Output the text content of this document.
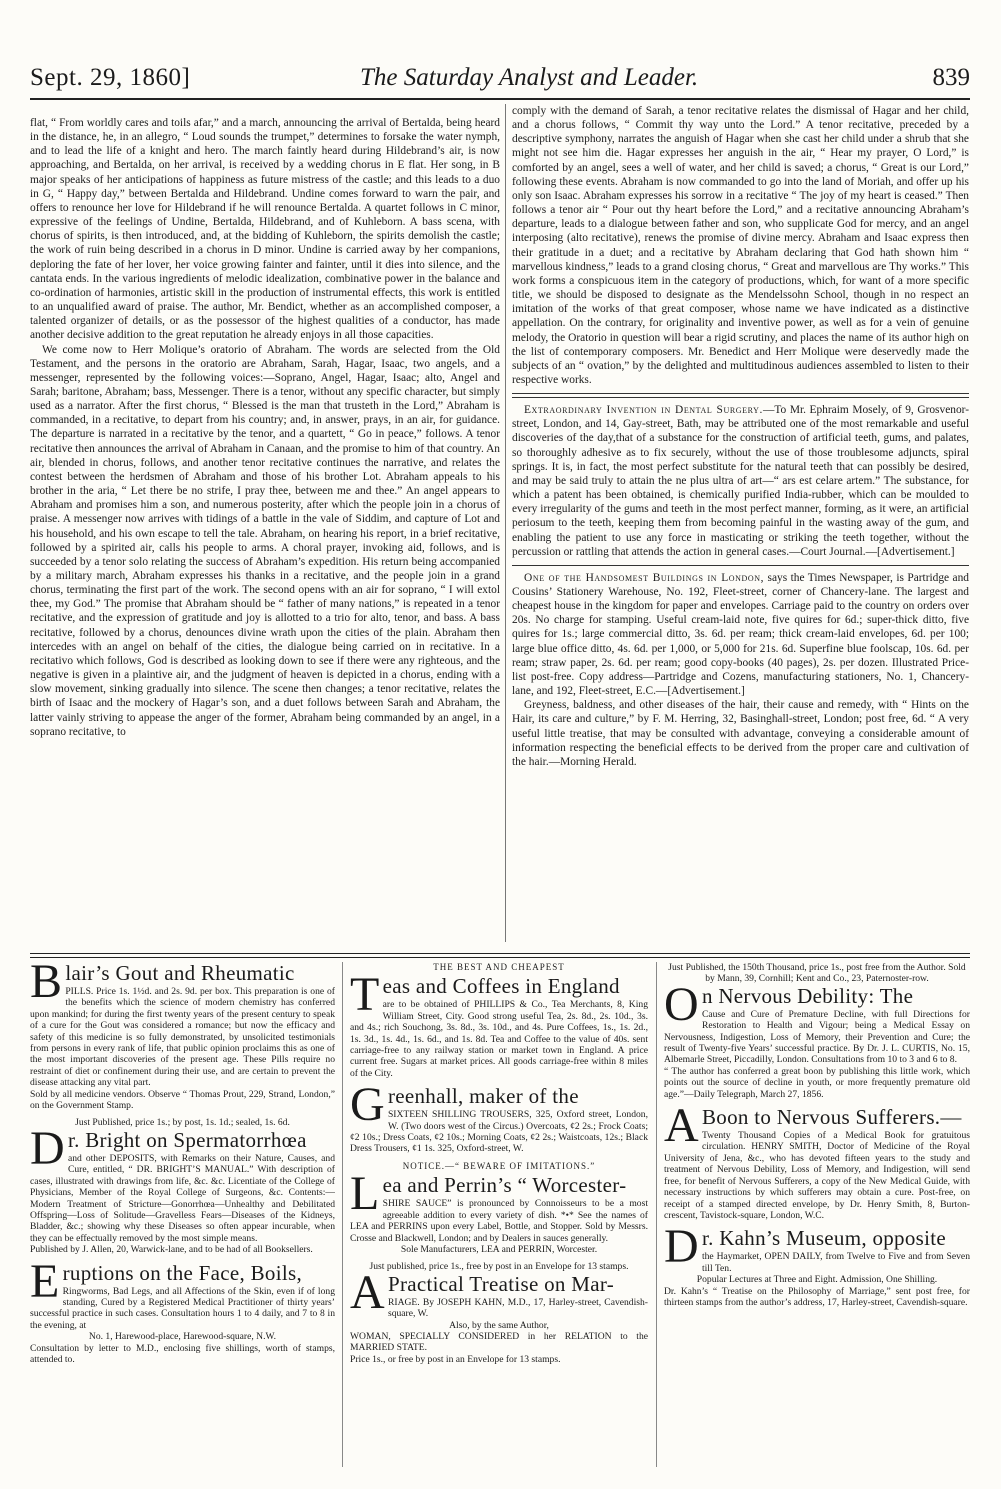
Sept. 29, 1860]	The Saturday Analyst and Leader.	839

flat, “ From worldly cares and toils afar,” and a march, announcing the arrival of Bertalda, being heard in the distance, he, in an allegro, “ Loud sounds the trumpet,” determines to forsake the water nymph, and to lead the life of a knight and hero. The march faintly heard during Hildebrand’s air, is now approaching, and Bertalda, on her arrival, is received by a wedding chorus in E flat. Her song, in B major speaks of her anticipations of happiness as future mistress of the castle; and this leads to a duo in G, “ Happy day,” between Bertalda and Hildebrand. Undine comes forward to warn the pair, and offers to renounce her love for Hildebrand if he will renounce Bertalda. A quartet follows in C minor, expressive of the feelings of Undine, Bertalda, Hildebrand, and of Kuhleborn. A bass scena, with chorus of spirits, is then introduced, and, at the bidding of Kuhleborn, the spirits demolish the castle; the work of ruin being described in a chorus in D minor. Undine is carried away by her companions, deploring the fate of her lover, her voice growing fainter and fainter, until it dies into silence, and the cantata ends. In the various ingredients of melodic idealization, combinative power in the balance and co-ordination of harmonies, artistic skill in the production of instrumental effects, this work is entitled to an unqualified award of praise. The author, Mr. Bendict, whether as an accomplished composer, a talented organizer of details, or as the possessor of the highest qualities of a conductor, has made another decisive addition to the great reputation he already enjoys in all those capacities.

We come now to Herr Molique’s oratorio of Abraham. The words are selected from the Old Testament, and the persons in the oratorio are Abraham, Sarah, Hagar, Isaac, two angels, and a messenger, represented by the following voices:—Soprano, Angel, Hagar, Isaac; alto, Angel and Sarah; baritone, Abraham; bass, Messenger. There is a tenor, without any specific character, but simply used as a narrator. After the first chorus, “ Blessed is the man that trusteth in the Lord,” Abraham is commanded, in a recitative, to depart from his country; and, in answer, prays, in an air, for guidance. The departure is narrated in a recitative by the tenor, and a quartett, “ Go in peace,” follows. A tenor recitative then announces the arrival of Abraham in Canaan, and the promise to him of that country. An air, blended in chorus, follows, and another tenor recitative continues the narrative, and relates the contest between the herdsmen of Abraham and those of his brother Lot. Abraham appeals to his brother in the aria, “ Let there be no strife, I pray thee, between me and thee.” An angel appears to Abraham and promises him a son, and numerous posterity, after which the people join in a chorus of praise. A messenger now arrives with tidings of a battle in the vale of Siddim, and capture of Lot and his household, and his own escape to tell the tale. Abraham, on hearing his report, in a brief recitative, followed by a spirited air, calls his people to arms. A choral prayer, invoking aid, follows, and is succeeded by a tenor solo relating the success of Abraham’s expedition. His return being accompanied by a military march, Abraham expresses his thanks in a recitative, and the people join in a grand chorus, terminating the first part of the work. The second opens with an air for soprano, “ I will extol thee, my God.” The promise that Abraham should be “ father of many nations,” is repeated in a tenor recitative, and the expression of gratitude and joy is allotted to a trio for alto, tenor, and bass. A bass recitative, followed by a chorus, denounces divine wrath upon the cities of the plain. Abraham then intercedes with an angel on behalf of the cities, the dialogue being carried on in recitative. In a recitativo which follows, God is described as looking down to see if there were any righteous, and the negative is given in a plaintive air, and the judgment of heaven is depicted in a chorus, ending with a slow movement, sinking gradually into silence. The scene then changes; a tenor recitative, relates the birth of Isaac and the mockery of Hagar’s son, and a duet follows between Sarah and Abraham, the latter vainly striving to appease the anger of the former, Abraham being commanded by an angel, in a soprano recitative, to

comply with the demand of Sarah, a tenor recitative relates the dismissal of Hagar and her child, and a chorus follows, “ Commit thy way unto the Lord.” A tenor recitative, preceded by a descriptive symphony, narrates the anguish of Hagar when she cast her child under a shrub that she might not see him die. Hagar expresses her anguish in the air, “ Hear my prayer, O Lord,” is comforted by an angel, sees a well of water, and her child is saved; a chorus, “ Great is our Lord,” following these events. Abraham is now commanded to go into the land of Moriah, and offer up his only son Isaac. Abraham expresses his sorrow in a recitative “ The joy of my heart is ceased.” Then follows a tenor air “ Pour out thy heart before the Lord,” and a recitative announcing Abraham’s departure, leads to a dialogue between father and son, who supplicate God for mercy, and an angel interposing (alto recitative), renews the promise of divine mercy. Abraham and Isaac express then their gratitude in a duet; and a recitative by Abraham declaring that God hath shown him “ marvellous kindness,” leads to a grand closing chorus, “ Great and marvellous are Thy works.” This work forms a conspicuous item in the category of productions, which, for want of a more specific title, we should be disposed to designate as the Mendelssohn School, though in no respect an imitation of the works of that great composer, whose name we have indicated as a distinctive appellation. On the contrary, for originality and inventive power, as well as for a vein of genuine melody, the Oratorio in question will bear a rigid scrutiny, and places the name of its author high on the list of contemporary composers. Mr. Benedict and Herr Molique were deservedly made the subjects of an “ ovation,” by the delighted and multitudinous audiences assembled to listen to their respective works.

Extraordinary Invention in Dental Surgery.—To Mr. Ephraim Mosely, of 9, Grosvenor-street, London, and 14, Gay-street, Bath, may be attributed one of the most remarkable and useful discoveries of the day,that of a substance for the construction of artificial teeth, gums, and palates, so thoroughly adhesive as to fix securely, without the use of those troublesome adjuncts, spiral springs. It is, in fact, the most perfect substitute for the natural teeth that can possibly be desired, and may be said truly to attain the ne plus ultra of art—“ ars est celare artem.” The substance, for which a patent has been obtained, is chemically purified India-rubber, which can be moulded to every irregularity of the gums and teeth in the most perfect manner, forming, as it were, an artificial periosum to the teeth, keeping them from becoming painful in the wasting away of the gum, and enabling the patient to use any force in masticating or striking the teeth together, without the percussion or rattling that attends the action in general cases.—Court Journal.—[Advertisement.]

One of the Handsomest Buildings in London, says the Times Newspaper, is Partridge and Cousins’ Stationery Warehouse, No. 192, Fleet-street, corner of Chancery-lane. The largest and cheapest house in the kingdom for paper and envelopes. Carriage paid to the country on orders over 20s. No charge for stamping. Useful cream-laid note, five quires for 6d.; super-thick ditto, five quires for 1s.; large commercial ditto, 3s. 6d. per ream; thick cream-laid envelopes, 6d. per 100; large blue office ditto, 4s. 6d. per 1,000, or 5,000 for 21s. 6d. Superfine blue foolscap, 10s. 6d. per ream; straw paper, 2s. 6d. per ream; good copy-books (40 pages), 2s. per dozen. Illustrated Price-list post-free. Copy address—Partridge and Cozens, manufacturing stationers, No. 1, Chancery-lane, and 192, Fleet-street, E.C.—[Advertisement.]

Greyness, baldness, and other diseases of the hair, their cause and remedy, with “ Hints on the Hair, its care and culture,” by F. M. Herring, 32, Basinghall-street, London; post free, 6d. “ A very useful little treatise, that may be consulted with advantage, conveying a considerable amount of information respecting the beneficial effects to be derived from the proper care and cultivation of the hair.—Morning Herald.

Blair’s Gout and Rheumatic

PILLS. Price 1s. 1½d. and 2s. 9d. per box. This preparation is one of the benefits which the science of modern chemistry has conferred upon mankind; for during the first twenty years of the present century to speak of a cure for the Gout was considered a romance; but now the efficacy and safety of this medicine is so fully demonstrated, by unsolicited testimonials from persons in every rank of life, that public opinion proclaims this as one of the most important discoveries of the present age. These Pills require no restraint of diet or confinement during their use, and are certain to prevent the disease attacking any vital part.

Sold by all medicine vendors. Observe “ Thomas Prout, 229, Strand, London,” on the Government Stamp.

Just Published, price 1s.; by post, 1s. 1d.; sealed, 1s. 6d.

Dr. Bright on Spermatorrhœa

and other DEPOSITS, with Remarks on their Nature, Causes, and Cure, entitled, “ DR. BRIGHT’S MANUAL.” With description of cases, illustrated with drawings from life, &c. &c. Licentiate of the College of Physicians, Member of the Royal College of Surgeons, &c. Contents:—Modern Treatment of Stricture—Gonorrhœa—Unhealthy and Debilitated Offspring—Loss of Solitude—Gravelless Fears—Diseases of the Kidneys, Bladder, &c.; showing why these Diseases so often appear incurable, when they can be effectually removed by the most simple means.

Published by J. Allen, 20, Warwick-lane, and to be had of all Booksellers.

Eruptions on the Face, Boils,

Ringworms, Bad Legs, and all Affections of the Skin, even if of long standing, Cured by a Registered Medical Practitioner of thirty years’ successful practice in such cases. Consultation hours 1 to 4 daily, and 7 to 8 in the evening, at

No. 1, Harewood-place, Harewood-square, N.W.

Consultation by letter to M.D., enclosing five shillings, worth of stamps, attended to.

THE BEST AND CHEAPEST
Teas and Coffees in England

are to be obtained of PHILLIPS & Co., Tea Merchants, 8, King William Street, City. Good strong useful Tea, 2s. 8d., 2s. 10d., 3s. and 4s.; rich Souchong, 3s. 8d., 3s. 10d., and 4s. Pure Coffees, 1s., 1s. 2d., 1s. 3d., 1s. 4d., 1s. 6d., and 1s. 8d. Tea and Coffee to the value of 40s. sent carriage-free to any railway station or market town in England. A price current free. Sugars at market prices. All goods carriage-free within 8 miles of the City.

Greenhall, maker of the

SIXTEEN SHILLING TROUSERS, 325, Oxford street, London, W. (Two doors west of the Circus.) Overcoats, ¢2 2s.; Frock Coats; ¢2 10s.; Dress Coats, ¢2 10s.; Morning Coats, ¢2 2s.; Waistcoats, 12s.; Black Dress Trousers, ¢1 1s. 325, Oxford-street, W.

NOTICE.—“ BEWARE OF IMITATIONS.”
Lea and Perrin’s “ Worcester-

SHIRE SAUCE” is pronounced by Connoisseurs to be a most agreeable addition to every variety of dish. *•* See the names of LEA and PERRINS upon every Label, Bottle, and Stopper. Sold by Messrs. Crosse and Blackwell, London; and by Dealers in sauces generally.

Sole Manufacturers, LEA and PERRIN, Worcester.

Just published, price 1s., free by post in an Envelope for 13 stamps.

A Practical Treatise on Mar-

RIAGE. By JOSEPH KAHN, M.D., 17, Harley-street, Cavendish-square, W.

Also, by the same Author,

WOMAN, SPECIALLY CONSIDERED in her RELATION to the MARRIED STATE.

Price 1s., or free by post in an Envelope for 13 stamps.

Just Published, the 150th Thousand, price 1s., post free from the Author. Sold by Mann, 39, Cornhill; Kent and Co., 23, Paternoster-row.

On Nervous Debility: The

Cause and Cure of Premature Decline, with full Directions for Restoration to Health and Vigour; being a Medical Essay on Nervousness, Indigestion, Loss of Memory, their Prevention and Cure; the result of Twenty-five Years’ successful practice. By Dr. J. L. CURTIS, No. 15, Albemarle Street, Piccadilly, London. Consultations from 10 to 3 and 6 to 8.

“ The author has conferred a great boon by publishing this little work, which points out the source of decline in youth, or more frequently premature old age.”—Daily Telegraph, March 27, 1856.

A Boon to Nervous Sufferers.—

Twenty Thousand Copies of a Medical Book for gratuitous circulation. HENRY SMITH, Doctor of Medicine of the Royal University of Jena, &c., who has devoted fifteen years to the study and treatment of Nervous Debility, Loss of Memory, and Indigestion, will send free, for benefit of Nervous Sufferers, a copy of the New Medical Guide, with necessary instructions by which sufferers may obtain a cure. Post-free, on receipt of a stamped directed envelope, by Dr. Henry Smith, 8, Burton-crescent, Tavistock-square, London, W.C.

Dr. Kahn’s Museum, opposite

the Haymarket, OPEN DAILY, from Twelve to Five and from Seven till Ten.

Popular Lectures at Three and Eight. Admission, One Shilling.

Dr. Kahn’s “ Treatise on the Philosophy of Marriage,” sent post free, for thirteen stamps from the author’s address, 17, Harley-street, Cavendish-square.
